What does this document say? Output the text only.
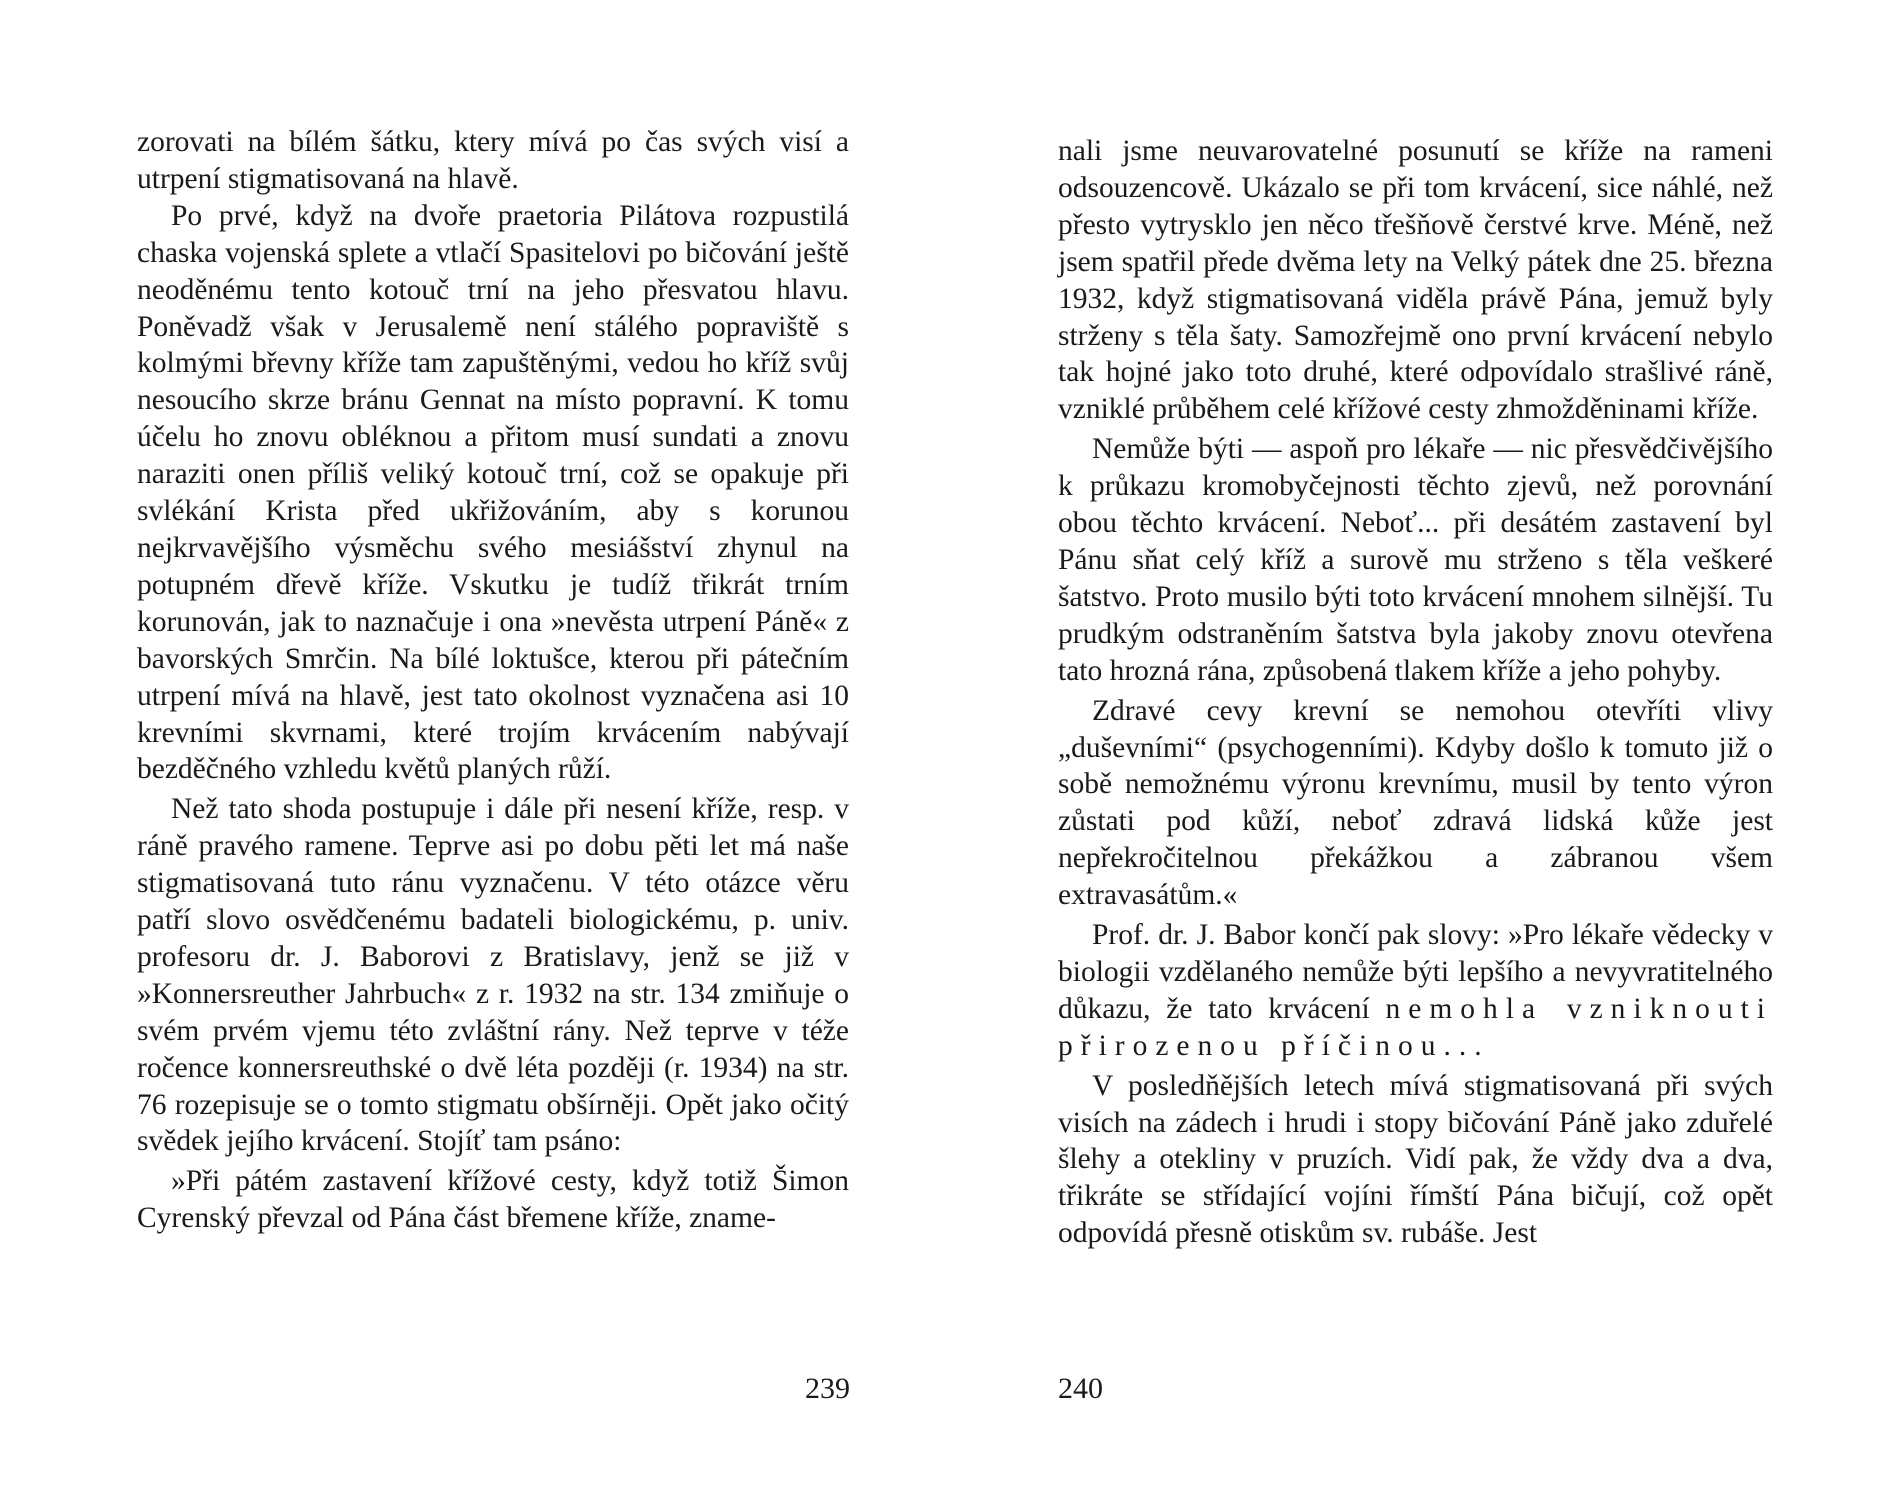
zorovati na bílém šátku, ktery mívá po čas svých visí a utrpení stigmatisovaná na hlavě.

Po prvé, když na dvoře praetoria Pilátova rozpustilá chaska vojenská splete a vtlačí Spasitelovi po bičování ještě neoděnému tento kotouč trní na jeho přesvatou hlavu. Poněvadž však v Jerusalemě není stálého popraviště s kolmými břevny kříže tam zapuštěnými, vedou ho kříž svůj nesoucího skrze bránu Gennat na místo popravní. K tomu účelu ho znovu obléknou a přitom musí sundati a znovu naraziti onen příliš veliký kotouč trní, což se opakuje při svlékání Krista před ukřižováním, aby s korunou nejkrvavějšího výsměchu svého mesiášství zhynul na potupném dřevě kříže. Vskutku je tudíž třikrát trním korunován, jak to naznačuje i ona »nevěsta utrpení Páně« z bavorských Smrčin. Na bílé loktušce, kterou při pátečním utrpení mívá na hlavě, jest tato okolnost vyznačena asi 10 krevními skvrnami, které trojím krvácením nabývají bezděčného vzhledu květů planých růží.

Než tato shoda postupuje i dále při nesení kříže, resp. v ráně pravého ramene. Teprve asi po dobu pěti let má naše stigmatisovaná tuto ránu vyznačenu. V této otázce věru patří slovo osvědčenému badateli biologickému, p. univ. profesoru dr. J. Baborovi z Bratislavy, jenž se již v »Konnersreuther Jahrbuch« z r. 1932 na str. 134 zmiňuje o svém prvém vjemu této zvláštní rány. Než teprve v téže ročence konnersreuthské o dvě léta později (r. 1934) na str. 76 rozepisuje se o tomto stigmatu obšírněji. Opět jako očitý svědek jejího krvácení. Stojíť tam psáno:

»Při pátém zastavení křížové cesty, když totiž Šimon Cyrenský převzal od Pána část břemene kříže, zname-

239

nali jsme neuvarovatelné posunutí se kříže na rameni odsouzencově. Ukázalo se při tom krvácení, sice náhlé, než přesto vytrysklo jen něco třešňově čerstvé krve. Méně, než jsem spatřil přede dvěma lety na Velký pátek dne 25. března 1932, když stigmatisovaná viděla právě Pána, jemuž byly strženy s těla šaty. Samozřejmě ono první krvácení nebylo tak hojné jako toto druhé, které odpovídalo strašlivé ráně, vzniklé průběhem celé křížové cesty zhmožděninami kříže.

Nemůže býti — aspoň pro lékaře — nic přesvědčivějšího k průkazu kromobyčejnosti těchto zjevů, než porovnání obou těchto krvácení. Neboť... při desátém zastavení byl Pánu sňat celý kříž a surově mu strženo s těla veškeré šatstvo. Proto musilo býti toto krvácení mnohem silnější. Tu prudkým odstraněním šatstva byla jakoby znovu otevřena tato hrozná rána, způsobená tlakem kříže a jeho pohyby.

Zdravé cevy krevní se nemohou otevříti vlivy „duševními“ (psychogenními). Kdyby došlo k tomuto již o sobě nemožnému výronu krevnímu, musil by tento výron zůstati pod kůží, neboť zdravá lidská kůže jest nepřekročitelnou překážkou a zábranou všem extravasátům.«

Prof. dr. J. Babor končí pak slovy: »Pro lékaře vědecky v biologii vzdělaného nemůže býti lepšího a nevyvratitelného důkazu, že tato krvácení nemohla vzniknouti přirozenou příčinou...

V posledňějších letech mívá stigmatisovaná při svých visích na zádech i hrudi i stopy bičování Páně jako zduřelé šlehy a otekliny v pruzích. Vidí pak, že vždy dva a dva, třikráte se střídající vojíni římští Pána bičují, což opět odpovídá přesně otiskům sv. rubáše. Jest

240
